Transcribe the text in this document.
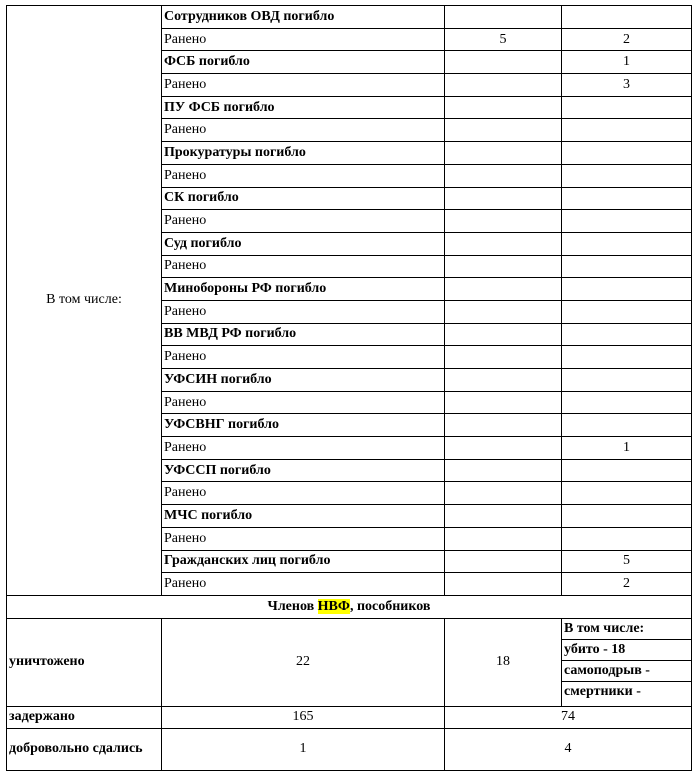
В том числе:	Сотрудников ОВД погибло		
	Ранено	5	2
	ФСБ погибло		1
	Ранено		3
	ПУ ФСБ погибло		
	Ранено		
	Прокуратуры погибло		
	Ранено		
	СК погибло		
	Ранено		
	Суд погибло		
	Ранено		
	Минобороны РФ погибло		
	Ранено		
	ВВ МВД РФ погибло		
	Ранено		
	УФСИН погибло		
	Ранено		
	УФСВНГ погибло		
	Ранено		1
	УФССП погибло		
	Ранено		
	МЧС погибло		
	Ранено		
	Гражданских лиц погибло		5
	Ранено		2
Членов НВФ, пособников			
уничтожено	22	18	В том числе:
убито - 18
самоподрыв -
смертники -

задержано	165	74	
добровольно сдались	1	4	
